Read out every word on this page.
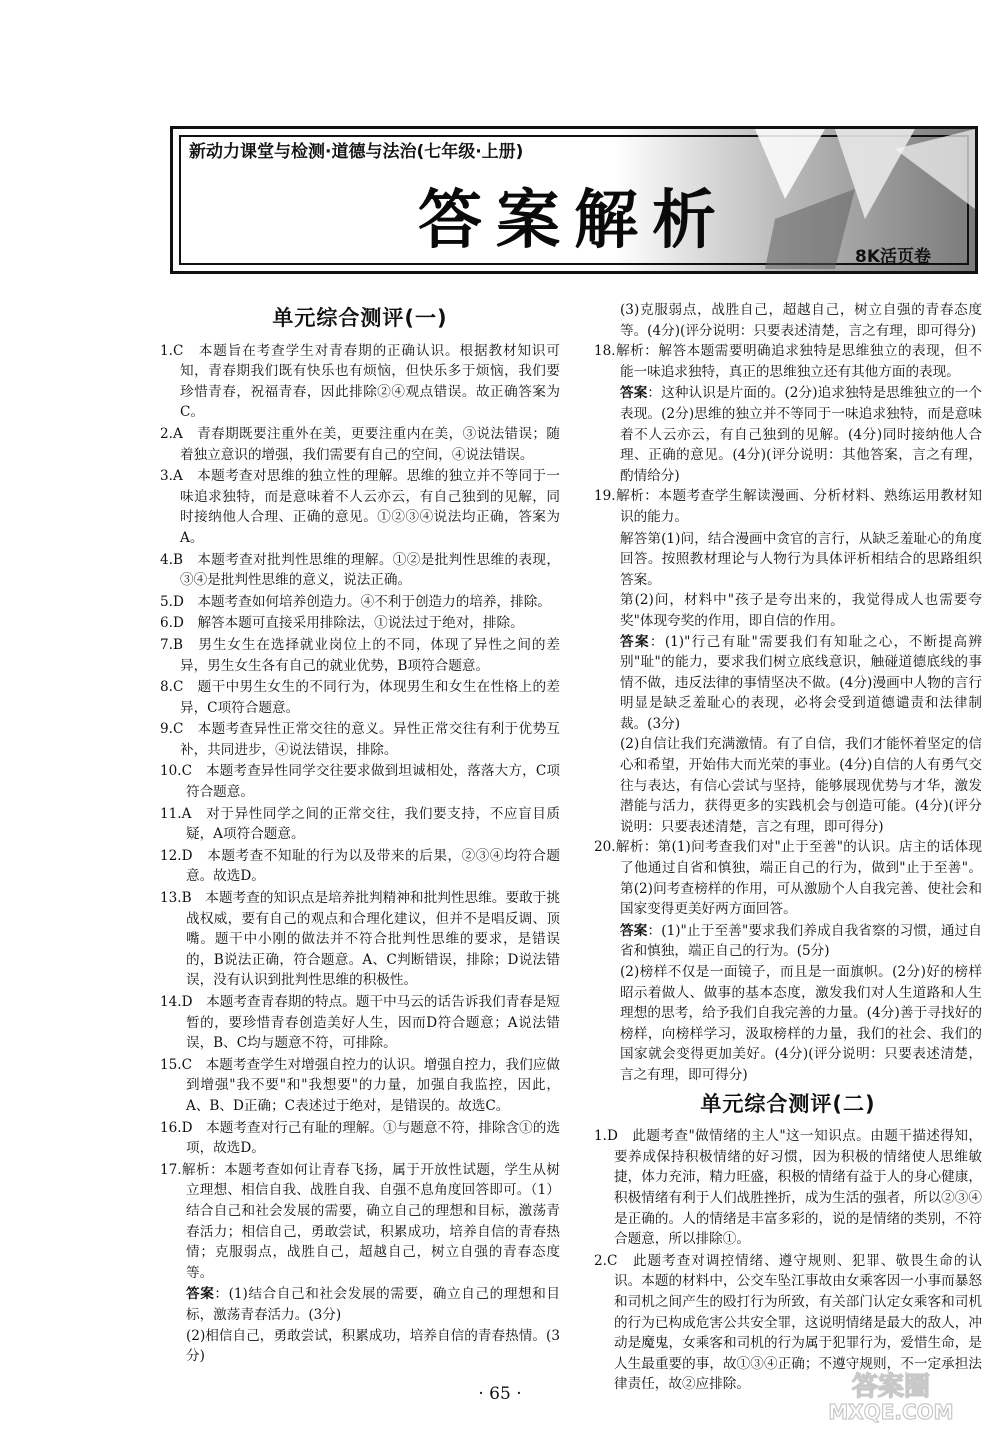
新动力课堂与检测·道德与法治(七年级·上册)
答案解析	8K活页卷
单元综合测评(一)
1.C　本题旨在考查学生对青春期的正确认识。根据教材知识可知，青春期我们既有快乐也有烦恼，但快乐多于烦恼，我们要珍惜青春，祝福青春，因此排除②④观点错误。故正确答案为C。
2.A　青春期既要注重外在美，更要注重内在美，③说法错误；随着独立意识的增强，我们需要有自己的空间，④说法错误。
3.A　本题考查对思维的独立性的理解。思维的独立并不等同于一味追求独特，而是意味着不人云亦云，有自己独到的见解，同时接纳他人合理、正确的意见。①②③④说法均正确，答案为A。
4.B　本题考查对批判性思维的理解。①②是批判性思维的表现，③④是批判性思维的意义，说法正确。
5.D　本题考查如何培养创造力。④不利于创造力的培养，排除。
6.D　解答本题可直接采用排除法，①说法过于绝对，排除。
7.B　男生女生在选择就业岗位上的不同，体现了异性之间的差异，男生女生各有自己的就业优势，B项符合题意。
8.C　题干中男生女生的不同行为，体现男生和女生在性格上的差异，C项符合题意。
9.C　本题考查异性正常交往的意义。异性正常交往有利于优势互补，共同进步，④说法错误，排除。
10.C　本题考查异性同学交往要求做到坦诚相处，落落大方，C项符合题意。
11.A　对于异性同学之间的正常交往，我们要支持，不应盲目质疑，A项符合题意。
12.D　本题考查不知耻的行为以及带来的后果，②③④均符合题意。故选D。
13.B　本题考查的知识点是培养批判精神和批判性思维。要敢于挑战权威，要有自己的观点和合理化建议，但并不是唱反调、顶嘴。题干中小刚的做法并不符合批判性思维的要求，是错误的，B说法正确，符合题意。A、C判断错误，排除；D说法错误，没有认识到批判性思维的积极性。
14.D　本题考查青春期的特点。题干中马云的话告诉我们青春是短暂的，要珍惜青春创造美好人生，因而D符合题意；A说法错误，B、C均与题意不符，可排除。
15.C　本题考查学生对增强自控力的认识。增强自控力，我们应做到增强"我不要"和"我想要"的力量，加强自我监控，因此，A、B、D正确；C表述过于绝对，是错误的。故选C。
16.D　本题考查对行己有耻的理解。①与题意不符，排除含①的选项，故选D。
17.解析：本题考查如何让青春飞扬，属于开放性试题，学生从树立理想、相信自我、战胜自我、自强不息角度回答即可。（1）结合自己和社会发展的需要，确立自己的理想和目标，激荡青春活力；相信自己，勇敢尝试，积累成功，培养自信的青春热情；克服弱点，战胜自己，超越自己，树立自强的青春态度等。
答案：(1)结合自己和社会发展的需要，确立自己的理想和目标，激荡青春活力。(3分)
(2)相信自己，勇敢尝试，积累成功，培养自信的青春热情。(3分)
(3)克服弱点，战胜自己，超越自己，树立自强的青春态度等。(4分)(评分说明：只要表述清楚，言之有理，即可得分)
18.解析：解答本题需要明确追求独特是思维独立的表现，但不能一味追求独特，真正的思维独立还有其他方面的表现。
答案：这种认识是片面的。(2分)追求独特是思维独立的一个表现。(2分)思维的独立并不等同于一味追求独特，而是意味着不人云亦云，有自己独到的见解。(4分)同时接纳他人合理、正确的意见。(4分)(评分说明：其他答案，言之有理，酌情给分)
19.解析：本题考查学生解读漫画、分析材料、熟练运用教材知识的能力。
解答第(1)问，结合漫画中贪官的言行，从缺乏羞耻心的角度回答。按照教材理论与人物行为具体评析相结合的思路组织答案。
第(2)问，材料中"孩子是夸出来的，我觉得成人也需要夸奖"体现夸奖的作用，即自信的作用。
答案：(1)"行己有耻"需要我们有知耻之心，不断提高辨别"耻"的能力，要求我们树立底线意识，触碰道德底线的事情不做，违反法律的事情坚决不做。(4分)漫画中人物的言行明显是缺乏羞耻心的表现，必将会受到道德谴责和法律制裁。(3分)
(2)自信让我们充满激情。有了自信，我们才能怀着坚定的信心和希望，开始伟大而光荣的事业。(4分)自信的人有勇气交往与表达，有信心尝试与坚持，能够展现优势与才华，激发潜能与活力，获得更多的实践机会与创造可能。(4分)(评分说明：只要表述清楚，言之有理，即可得分)
20.解析：第(1)问考查我们对"止于至善"的认识。店主的话体现了他通过自省和慎独，端正自己的行为，做到"止于至善"。第(2)问考查榜样的作用，可从激励个人自我完善、使社会和国家变得更美好两方面回答。
答案：(1)"止于至善"要求我们养成自我省察的习惯，通过自省和慎独，端正自己的行为。(5分)
(2)榜样不仅是一面镜子，而且是一面旗帜。(2分)好的榜样昭示着做人、做事的基本态度，激发我们对人生道路和人生理想的思考，给予我们自我完善的力量。(4分)善于寻找好的榜样，向榜样学习，汲取榜样的力量，我们的社会、我们的国家就会变得更加美好。(4分)(评分说明：只要表述清楚，言之有理，即可得分)
单元综合测评(二)
1.D　此题考查"做情绪的主人"这一知识点。由题干描述得知，要养成保持积极情绪的好习惯，因为积极的情绪使人思维敏捷，体力充沛，精力旺盛，积极的情绪有益于人的身心健康，积极情绪有利于人们战胜挫折，成为生活的强者，所以②③④是正确的。人的情绪是丰富多彩的，说的是情绪的类别，不符合题意，所以排除①。
2.C　此题考查对调控情绪、遵守规则、犯罪、敬畏生命的认识。本题的材料中，公交车坠江事故由女乘客因一小事而暴怒和司机之间产生的殴打行为所致，有关部门认定女乘客和司机的行为已构成危害公共安全罪，这说明情绪是最大的敌人，冲动是魔鬼，女乘客和司机的行为属于犯罪行为，爱惜生命，是人生最重要的事，故①③④正确；不遵守规则，不一定承担法律责任，故②应排除。
· 65 ·	答案圈
MXQE.COM
